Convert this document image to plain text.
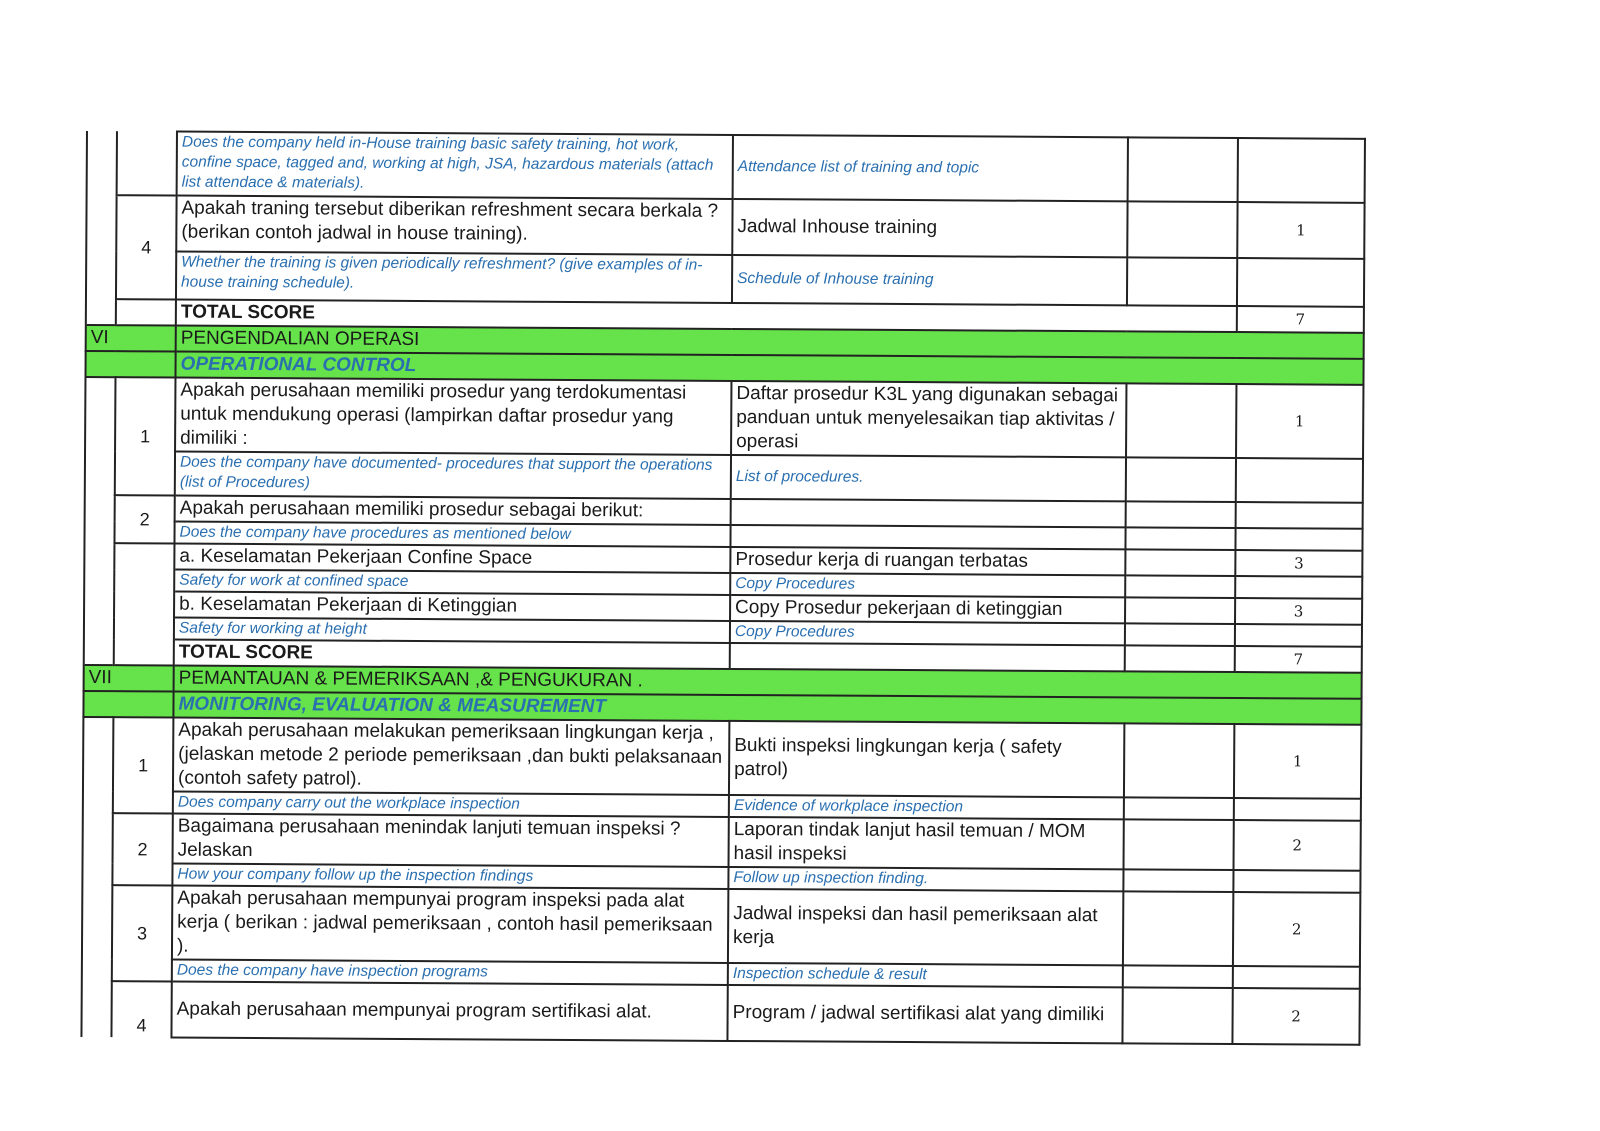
		Does the company held in-House training basic safety training, hot work, confine space, tagged and, working at high, JSA, hazardous materials (attach list attendace & materials).	Attendance list of training and topic		
	4	Apakah traning tersebut diberikan refreshment secara berkala ? (berikan contoh jadwal in house training).	Jadwal Inhouse training		1
		Whether the training is given periodically refreshment? (give examples of in-house training schedule).	Schedule of Inhouse training		
		TOTAL SCORE			7
VI		PENGENDALIAN OPERASI			
		OPERATIONAL CONTROL			
	1	Apakah perusahaan memiliki prosedur yang terdokumentasi untuk mendukung operasi (lampirkan daftar prosedur yang dimiliki :	Daftar prosedur K3L yang digunakan sebagai panduan untuk menyelesaikan tiap aktivitas / operasi		1
		Does the company have documented- procedures that support the operations (list of Procedures)	List of procedures.		
	2	Apakah perusahaan memiliki prosedur sebagai berikut:			
		Does the company have procedures as mentioned below			
		a. Keselamatan Pekerjaan Confine Space	Prosedur kerja di ruangan terbatas		3
		Safety for work at confined space	Copy Procedures		
		b. Keselamatan Pekerjaan di Ketinggian	Copy Prosedur pekerjaan di ketinggian		3
		Safety for working at height	Copy Procedures		
		TOTAL SCORE			7
VII		PEMANTAUAN & PEMERIKSAAN ,& PENGUKURAN .			
		MONITORING, EVALUATION & MEASUREMENT			
	1	Apakah perusahaan melakukan pemeriksaan lingkungan kerja , (jelaskan metode 2 periode pemeriksaan ,dan bukti pelaksanaan (contoh safety patrol).	Bukti inspeksi lingkungan kerja ( safety patrol)		1
		Does company carry out the workplace inspection	Evidence of workplace inspection		
	2	Bagaimana perusahaan menindak lanjuti temuan inspeksi ? Jelaskan	Laporan tindak lanjut hasil temuan / MOM hasil inspeksi		2
		How your company follow up the inspection findings	Follow up inspection finding.		
	3	Apakah perusahaan mempunyai program inspeksi pada alat kerja ( berikan : jadwal pemeriksaan , contoh hasil pemeriksaan ).	Jadwal inspeksi dan hasil pemeriksaan alat kerja		2
		Does the company have inspection programs	Inspection schedule & result		
	4	Apakah perusahaan mempunyai program sertifikasi alat.	Program / jadwal sertifikasi alat yang dimiliki		2
